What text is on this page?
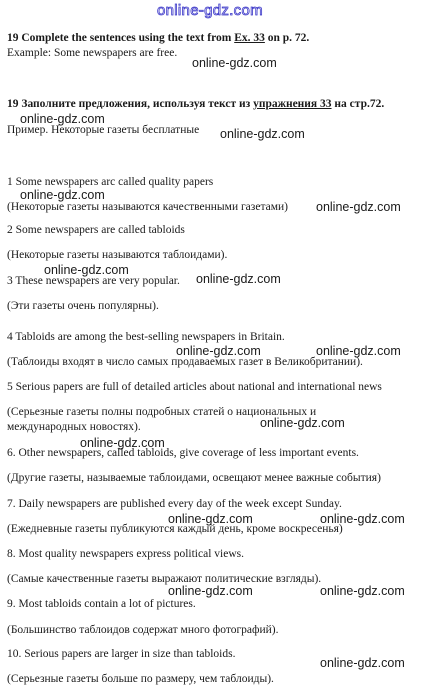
online-gdz.com
19 Complete the sentences using the text from Ex. 33 on p. 72.
Example: Some newspapers are free.
19 Заполните предложения, используя текст из упражнения 33 на стр.72.
Пример. Некоторые газеты бесплатные
1 Some newspapers arc called quality papers
(Некоторые газеты называются качественными газетами)
2 Some newspapers are called tabloids
(Некоторые газеты называются таблоидами).
3 These newspapers are very popular.
(Эти газеты очень популярны).
4 Tabloids are among the best-selling newspapers in Britain.
(Таблоиды входят в число самых продаваемых газет в Великобритании).
5 Serious papers are full of detailed articles about national and international news
(Серьезные газеты полны подробных статей о национальных и
международных новостях).
6. Other newspapers, called tabloids, give coverage of less important events.
(Другие газеты, называемые таблоидами, освещают менее важные события)
7. Daily newspapers are published every day of the week except Sunday.
(Ежедневные газеты публикуются каждый день, кроме воскресенья)
8. Most quality newspapers express political views.
(Самые качественные газеты выражают политические взгляды).
9. Most tabloids contain a lot of pictures.
(Большинство таблоидов содержат много фотографий).
10. Serious papers are larger in size than tabloids.
(Серьезные газеты больше по размеру, чем таблоиды).
online-gdz.com
online-gdz.com
online-gdz.com
online-gdz.com
online-gdz.com
online-gdz.com
online-gdz.com
online-gdz.com	online-gdz.com
online-gdz.com
online-gdz.com
online-gdz.com	online-gdz.com
online-gdz.com	online-gdz.com
online-gdz.com
